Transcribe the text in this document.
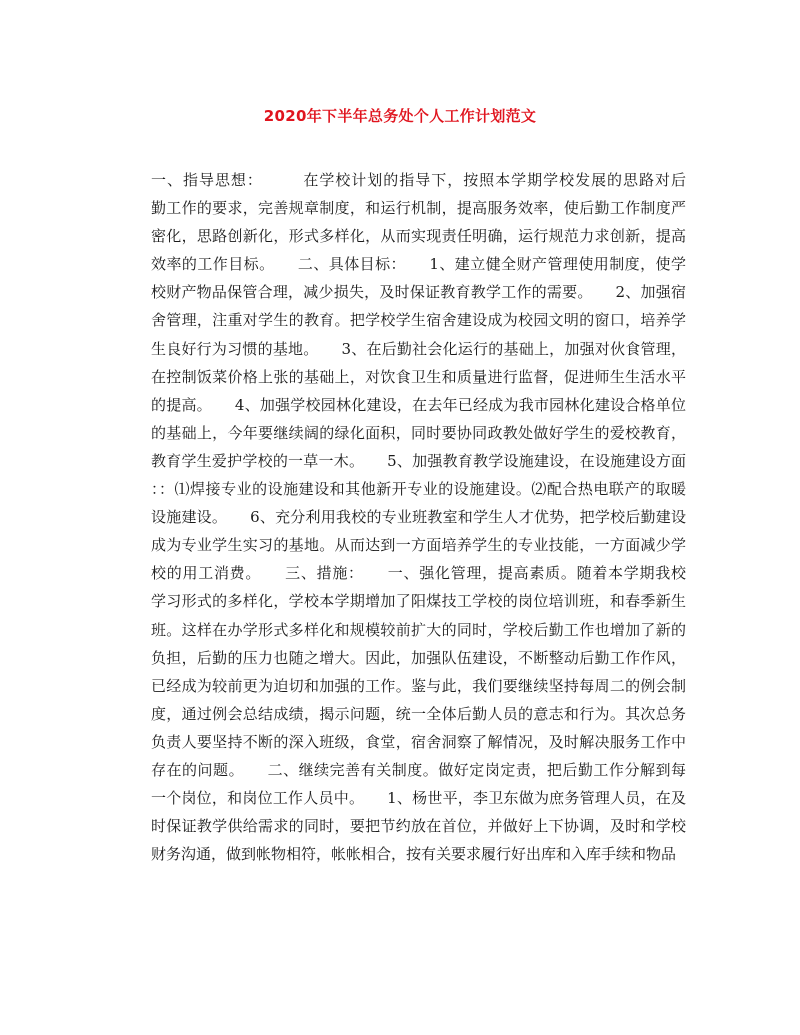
2020年下半年总务处个人工作计划范文
一、指导思想：　　　在学校计划的指导下，按照本学期学校发展的思路对后
勤工作的要求，完善规章制度，和运行机制，提高服务效率，使后勤工作制度严
密化，思路创新化，形式多样化，从而实现责任明确，运行规范力求创新，提高
效率的工作目标。　　二、具体目标：　　1、建立健全财产管理使用制度，使学
校财产物品保管合理，减少损失，及时保证教育教学工作的需要。　　2、加强宿
舍管理，注重对学生的教育。把学校学生宿舍建设成为校园文明的窗口，培养学
生良好行为习惯的基地。　　3、在后勤社会化运行的基础上，加强对伙食管理，
在控制饭菜价格上张的基础上，对饮食卫生和质量进行监督，促进师生生活水平
的提高。　　4、加强学校园林化建设，在去年已经成为我市园林化建设合格单位
的基础上，今年要继续阔的绿化面积，同时要协同政教处做好学生的爱校教育，
教育学生爱护学校的一草一木。　　5、加强教育教学设施建设，在设施建设方面
：：⑴焊接专业的设施建设和其他新开专业的设施建设。⑵配合热电联产的取暖
设施建设。　　6、充分利用我校的专业班教室和学生人才优势，把学校后勤建设
成为专业学生实习的基地。从而达到一方面培养学生的专业技能，一方面减少学
校的用工消费。　　三、措施：　　一、强化管理，提高素质。随着本学期我校
学习形式的多样化，学校本学期增加了阳煤技工学校的岗位培训班，和春季新生
班。这样在办学形式多样化和规模较前扩大的同时，学校后勤工作也增加了新的
负担，后勤的压力也随之增大。因此，加强队伍建设，不断整动后勤工作作风，
已经成为较前更为迫切和加强的工作。鉴与此，我们要继续坚持每周二的例会制
度，通过例会总结成绩，揭示问题，统一全体后勤人员的意志和行为。其次总务
负责人要坚持不断的深入班级，食堂，宿舍洞察了解情况，及时解决服务工作中
存在的问题。　　二、继续完善有关制度。做好定岗定责，把后勤工作分解到每
一个岗位，和岗位工作人员中。　　1、杨世平，李卫东做为庶务管理人员，在及
时保证教学供给需求的同时，要把节约放在首位，并做好上下协调，及时和学校
财务沟通，做到帐物相符，帐帐相合，按有关要求履行好出库和入库手续和物品
